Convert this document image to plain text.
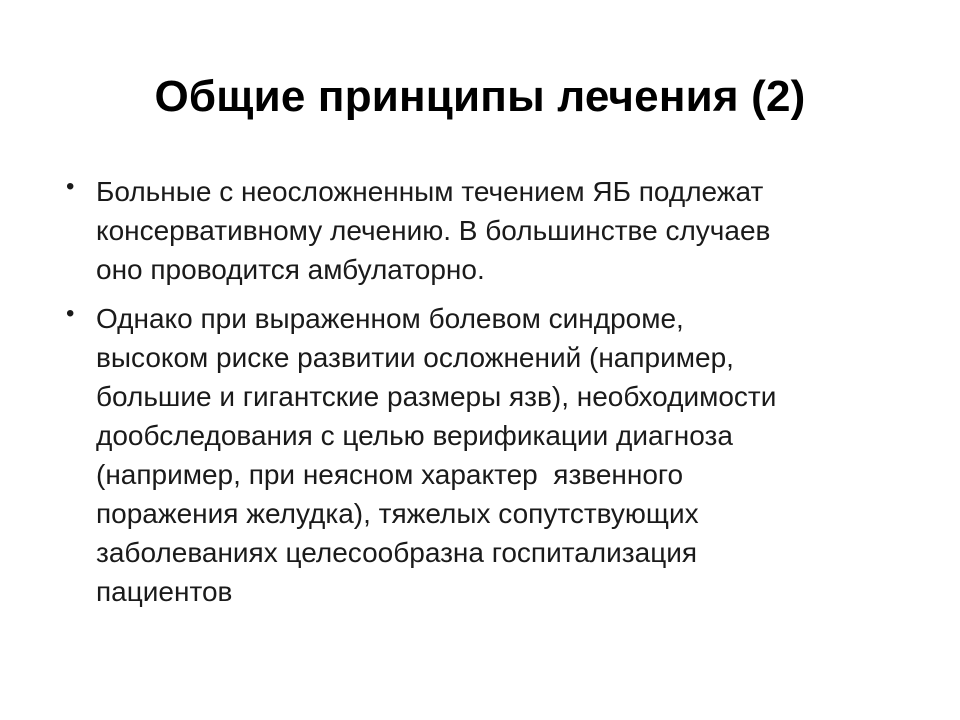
Общие принципы лечения (2)
• Больные с неосложненным течением ЯБ подлежат
консервативному лечению. В большинстве случаев
оно проводится амбулаторно.
• Однако при выраженном болевом синдроме,
высоком риске развитии осложнений (например,
большие и гигантские размеры язв), необходимости
дообследования с целью верификации диагноза
(например, при неясном характер  язвенного
поражения желудка), тяжелых сопутствующих
заболеваниях целесообразна госпитализация
пациентов
